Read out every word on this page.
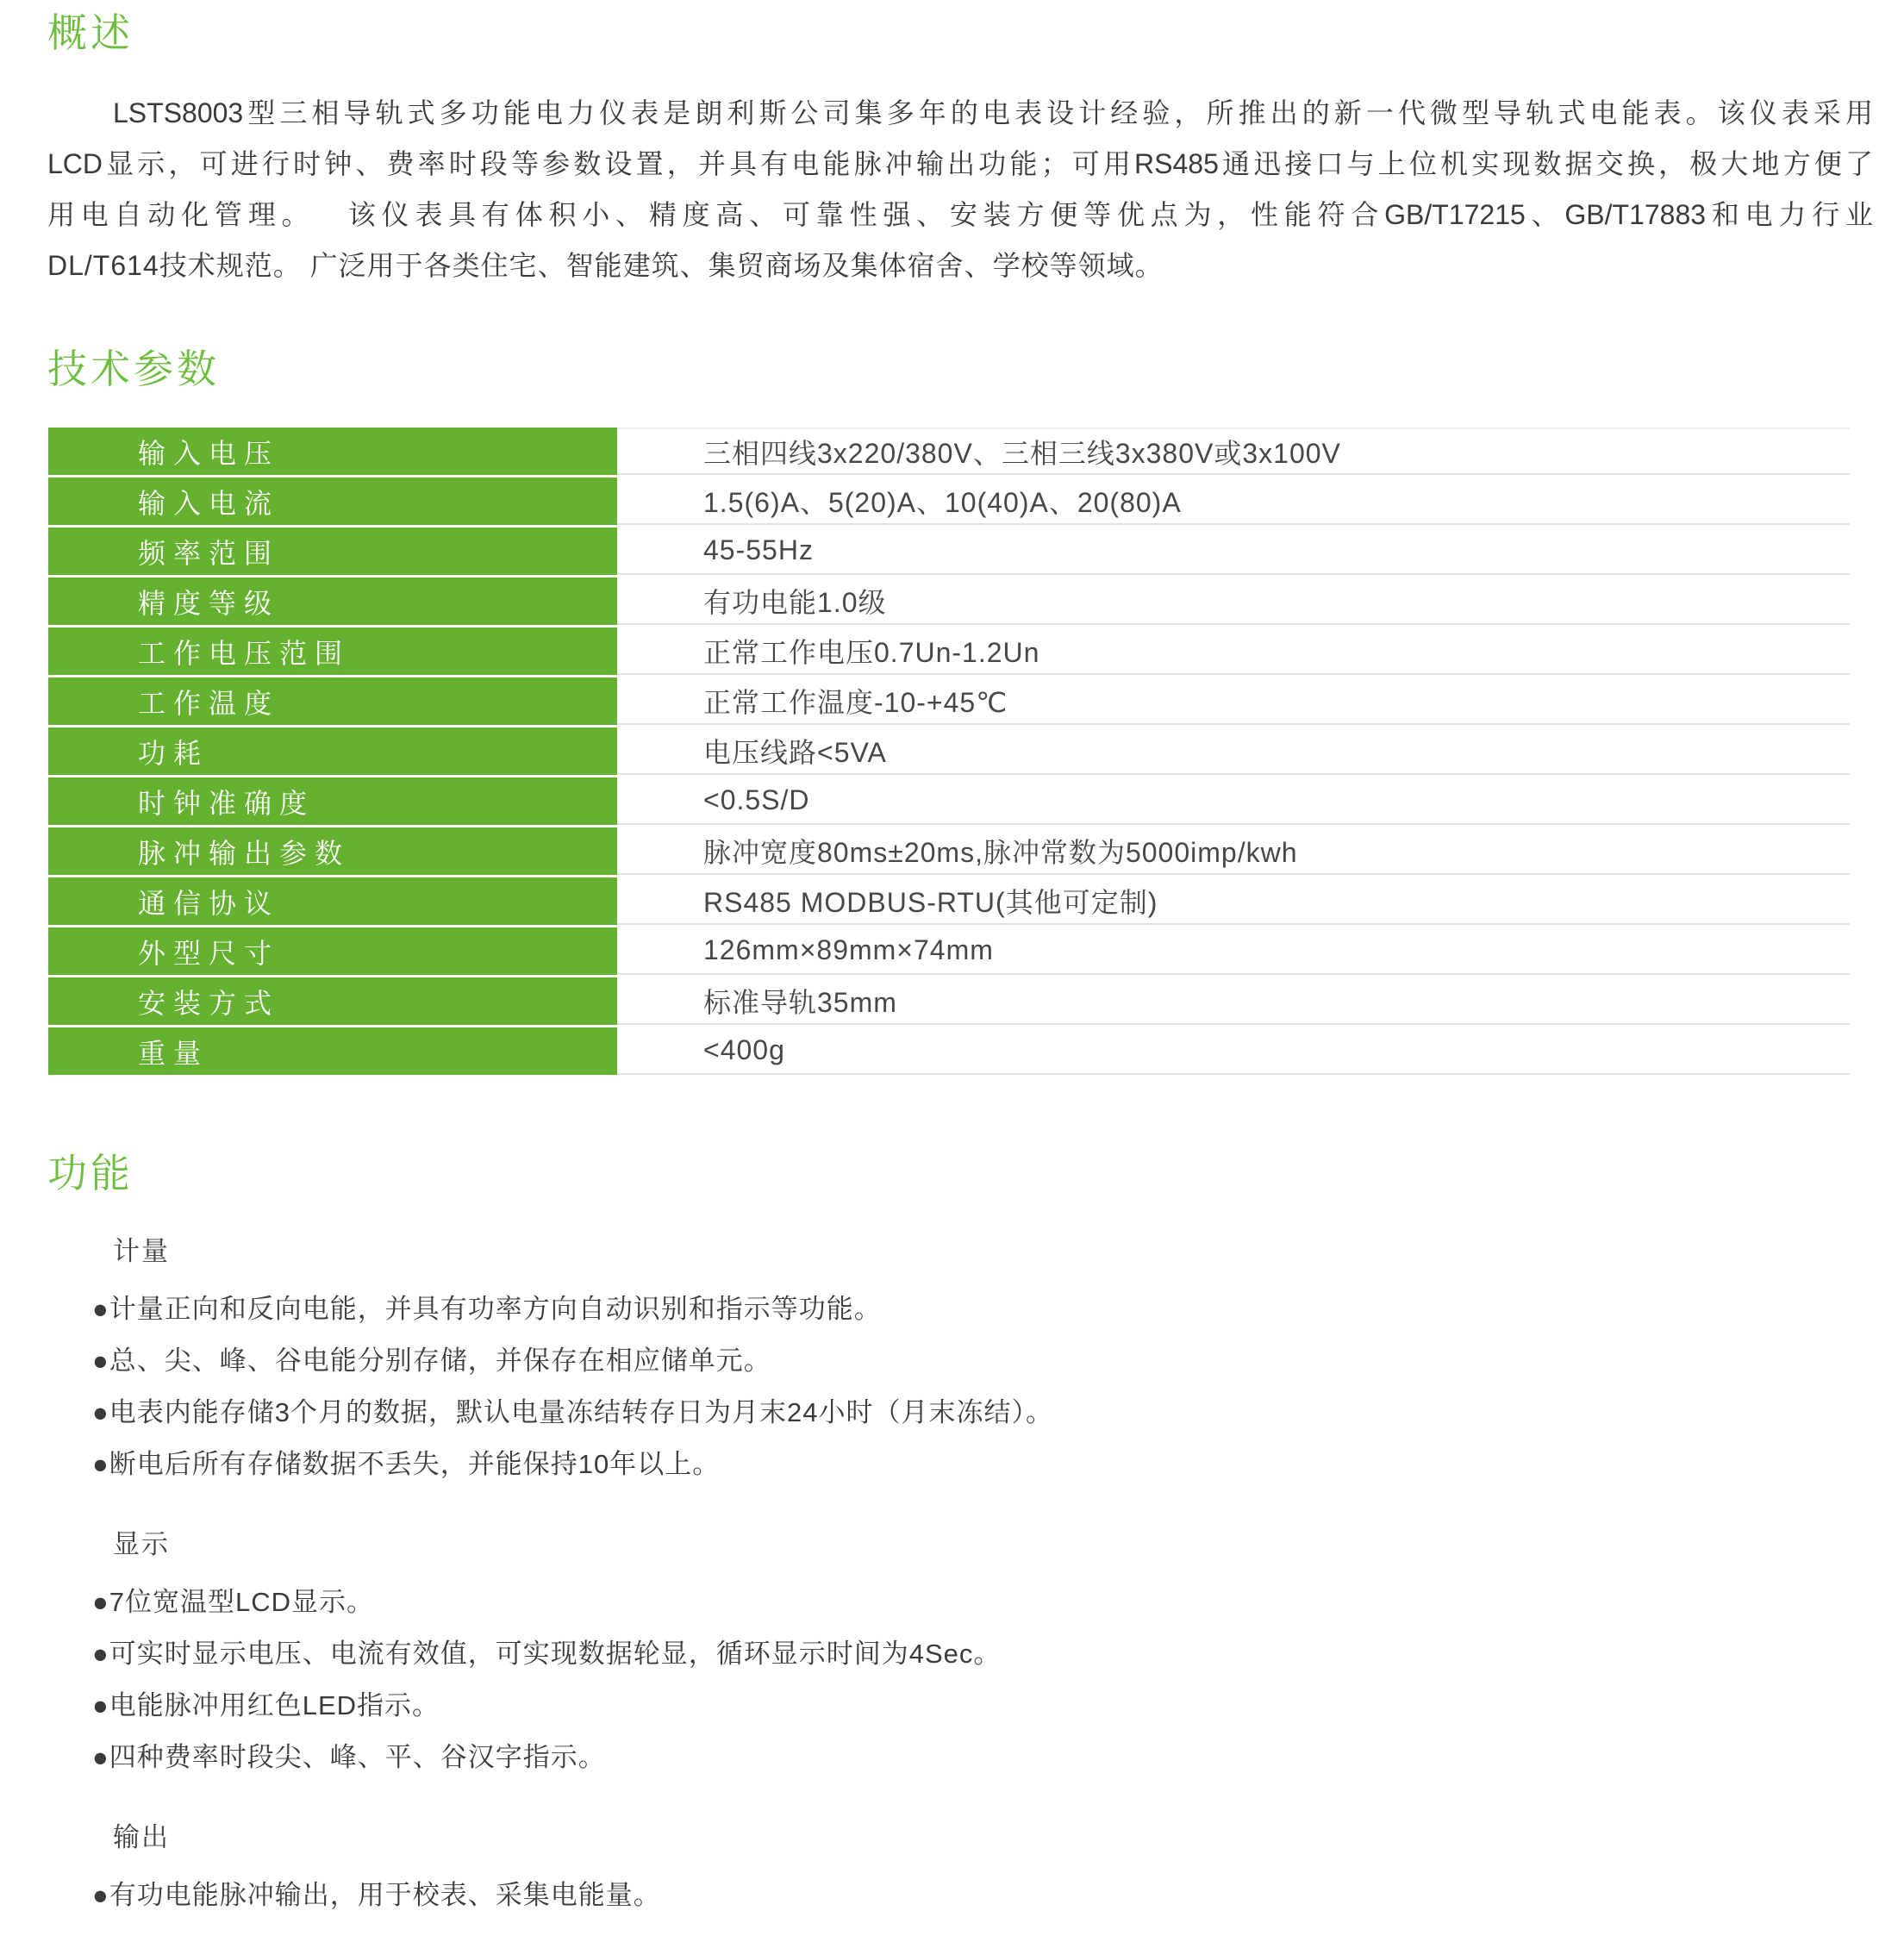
概述
LSTS8003型三相导轨式多功能电力仪表是朗利斯公司集多年的电表设计经验，所推出的新一代微型导轨式电能表。该仪表采用
LCD显示，可进行时钟、费率时段等参数设置，并具有电能脉冲输出功能；可用RS485通迅接口与上位机实现数据交换，极大地方便了
用电自动化管理。　 该仪表具有体积小、精度高、可靠性强、安装方便等优点为，性能符合GB/T17215、GB/T17883和电力行业
DL/T614技术规范。 广泛用于各类住宅、智能建筑、集贸商场及集体宿舍、学校等领域。
技术参数
输入电压	三相四线3x220/380V、三相三线3x380V或3x100V
输入电流	1.5(6)A、5(20)A、10(40)A、20(80)A
频率范围	45-55Hz
精度等级	有功电能1.0级
工作电压范围	正常工作电压0.7Un-1.2Un
工作温度	正常工作温度-10-+45℃
功耗	电压线路<5VA
时钟准确度	<0.5S/D
脉冲输出参数	脉冲宽度80ms±20ms,脉冲常数为5000imp/kwh
通信协议	RS485 MODBUS-RTU(其他可定制)
外型尺寸	126mm×89mm×74mm
安装方式	标准导轨35mm
重量	<400g
功能
计量
●计量正向和反向电能，并具有功率方向自动识别和指示等功能。
●总、尖、峰、谷电能分别存储，并保存在相应储单元。
●电表内能存储3个月的数据，默认电量冻结转存日为月末24小时（月末冻结）。
●断电后所有存储数据不丢失，并能保持10年以上。
显示
●7位宽温型LCD显示。
●可实时显示电压、电流有效值，可实现数据轮显，循环显示时间为4Sec。
●电能脉冲用红色LED指示。
●四种费率时段尖、峰、平、谷汉字指示。
输出
●有功电能脉冲输出，用于校表、采集电能量。
